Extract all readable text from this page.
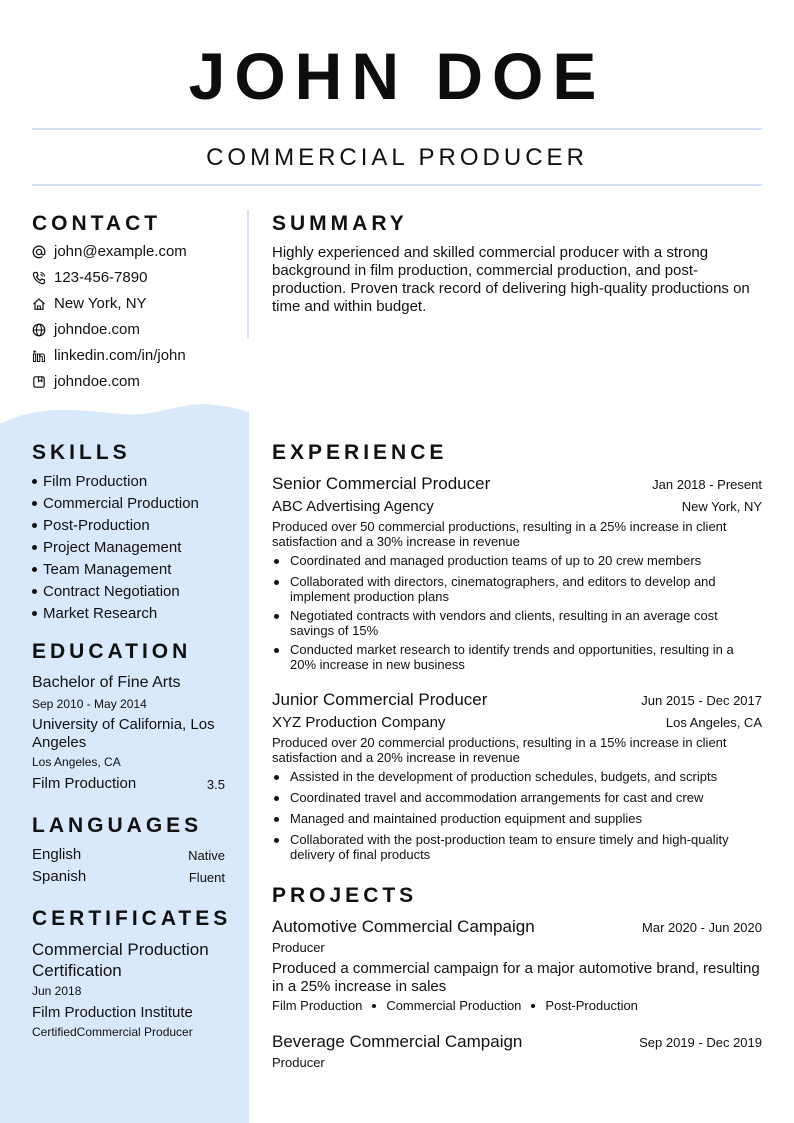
JOHN DOE
COMMERCIAL PRODUCER
CONTACT
john@example.com
123-456-7890
New York, NY
johndoe.com
linkedin.com/in/john
johndoe.com
SUMMARY
Highly experienced and skilled commercial producer with a strong background in film production, commercial production, and post-production. Proven track record of delivering high-quality productions on time and within budget.
SKILLS
Film Production
Commercial Production
Post-Production
Project Management
Team Management
Contract Negotiation
Market Research
EDUCATION
Bachelor of Fine Arts
Sep 2010 - May 2014
University of California, Los Angeles
Los Angeles, CA
Film Production	3.5
LANGUAGES
English	Native
Spanish	Fluent
CERTIFICATES
Commercial Production Certification
Jun 2018
Film Production Institute
CertifiedCommercial Producer
EXPERIENCE
Senior Commercial Producer	Jan 2018 - Present
ABC Advertising Agency	New York, NY
Produced over 50 commercial productions, resulting in a 25% increase in client satisfaction and a 30% increase in revenue
Coordinated and managed production teams of up to 20 crew members
Collaborated with directors, cinematographers, and editors to develop and implement production plans
Negotiated contracts with vendors and clients, resulting in an average cost savings of 15%
Conducted market research to identify trends and opportunities, resulting in a 20% increase in new business
Junior Commercial Producer	Jun 2015 - Dec 2017
XYZ Production Company	Los Angeles, CA
Produced over 20 commercial productions, resulting in a 15% increase in client satisfaction and a 20% increase in revenue
Assisted in the development of production schedules, budgets, and scripts
Coordinated travel and accommodation arrangements for cast and crew
Managed and maintained production equipment and supplies
Collaborated with the post-production team to ensure timely and high-quality delivery of final products
PROJECTS
Automotive Commercial Campaign	Mar 2020 - Jun 2020
Producer
Produced a commercial campaign for a major automotive brand, resulting in a 25% increase in sales
Film Production Commercial Production Post-Production
Beverage Commercial Campaign	Sep 2019 - Dec 2019
Producer
